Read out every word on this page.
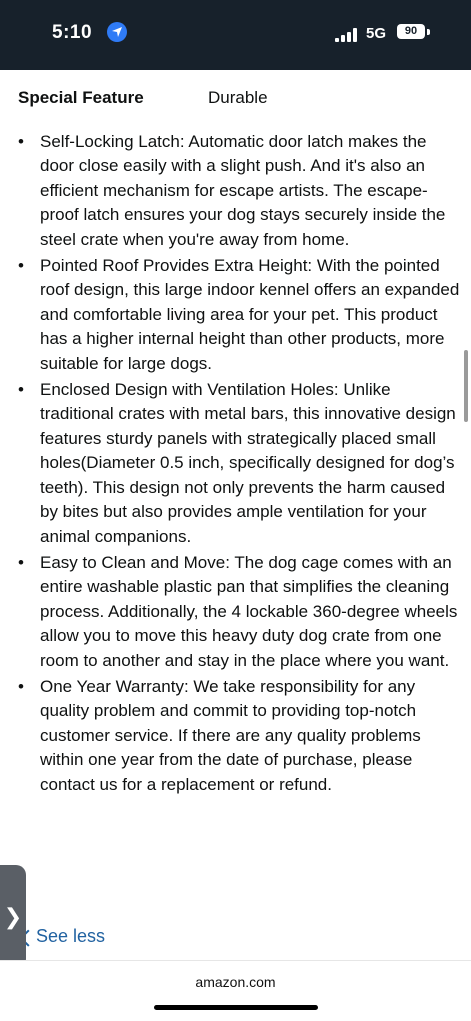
5:10	5G	90
Special Feature	Durable
• Self-Locking Latch: Automatic door latch makes the door close easily with a slight push. And it's also an efficient mechanism for escape artists. The escape-proof latch ensures your dog stays securely inside the steel crate when you're away from home.
• Pointed Roof Provides Extra Height: With the pointed roof design, this large indoor kennel offers an expanded and comfortable living area for your pet. This product has a higher internal height than other products, more suitable for large dogs.
• Enclosed Design with Ventilation Holes: Unlike traditional crates with metal bars, this innovative design features sturdy panels with strategically placed small holes(Diameter 0.5 inch, specifically designed for dog’s teeth). This design not only prevents the harm caused by bites but also provides ample ventilation for your animal companions.
• Easy to Clean and Move: The dog cage comes with an entire washable plastic pan that simplifies the cleaning process. Additionally, the 4 lockable 360-degree wheels allow you to move this heavy duty dog crate from one room to another and stay in the place where you want.
• One Year Warranty: We take responsibility for any quality problem and commit to providing top-notch customer service. If there are any quality problems within one year from the date of purchase, please contact us for a replacement or refund.
See less
❯
amazon.com
